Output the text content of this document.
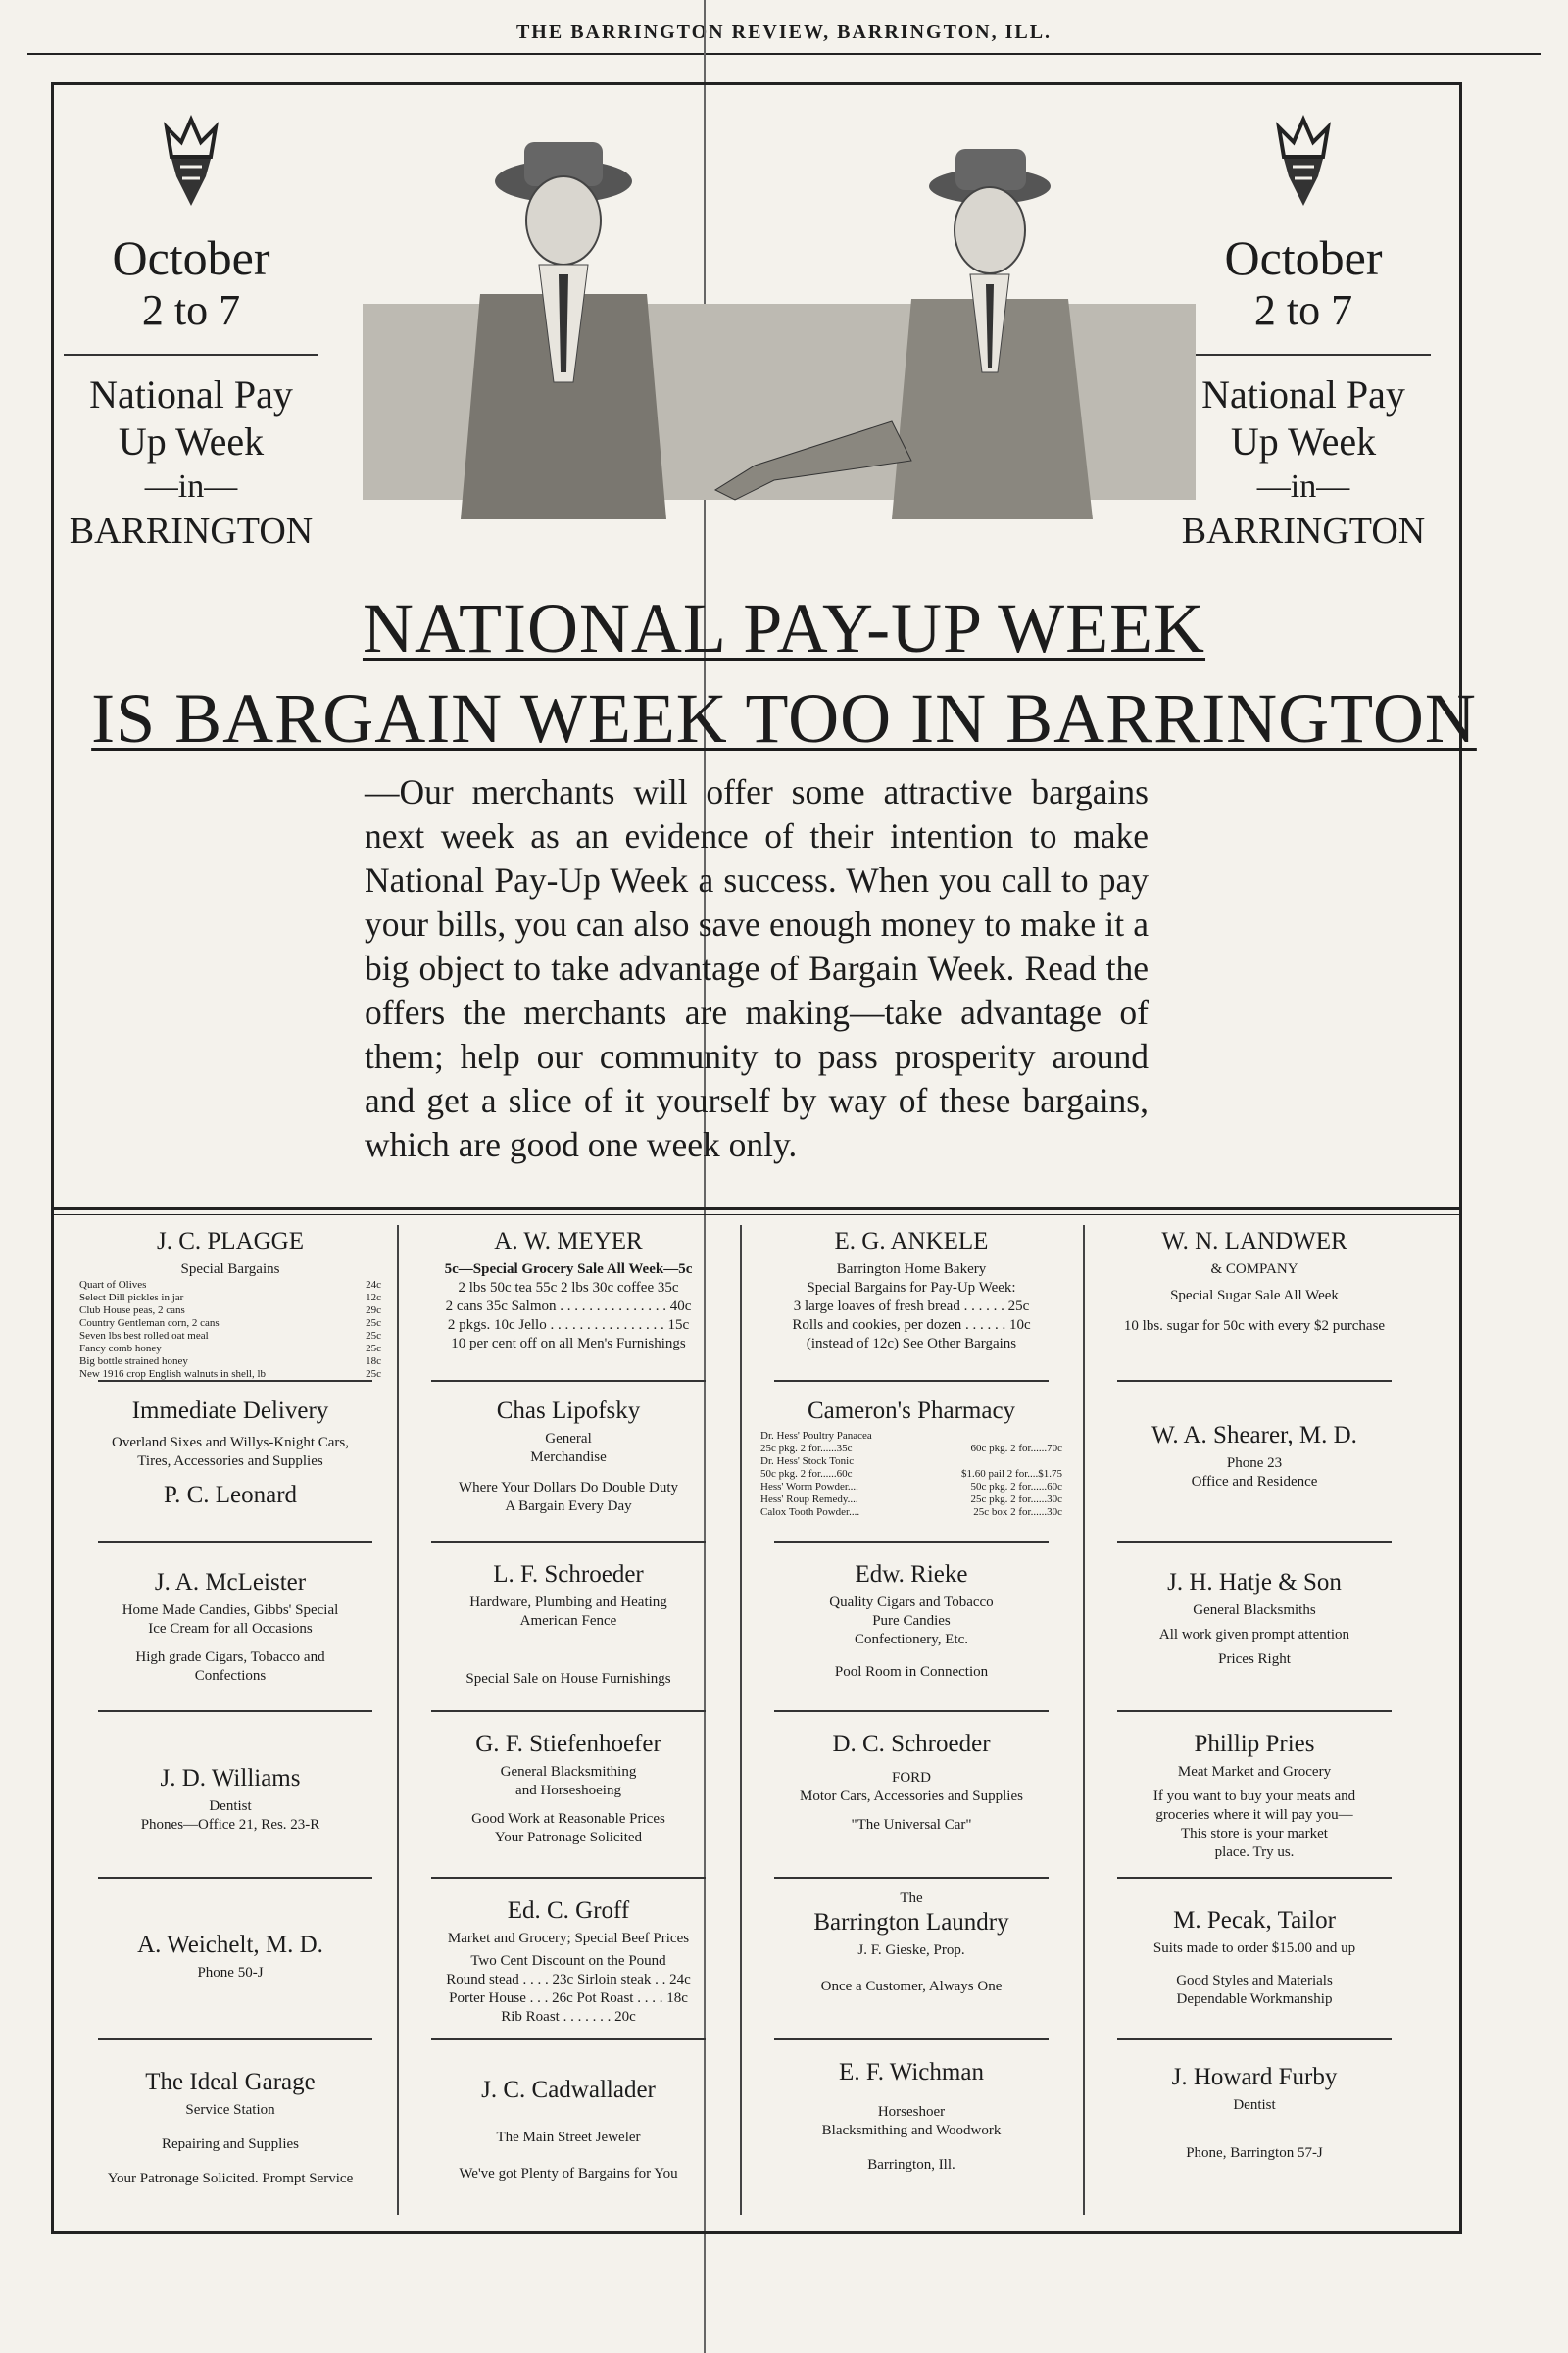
THE BARRINGTON REVIEW, BARRINGTON, ILL.
October
2 to 7
National Pay
Up Week
—in—
BARRINGTON
October
2 to 7
National Pay
Up Week
—in—
BARRINGTON
NATIONAL PAY-UP WEEK
IS BARGAIN WEEK TOO IN BARRINGTON
—Our merchants will offer some attractive bargains next week as an evidence of their intention to make National Pay-Up Week a success. When you call to pay your bills, you can also save enough money to make it a big object to take advantage of Bargain Week. Read the offers the merchants are making—take advantage of them; help our community to pass prosperity around and get a slice of it yourself by way of these bargains, which are good one week only.
J. C. PLAGGE
Special Bargains
Quart of Olives	24c
Select Dill pickles in jar	12c
Club House peas, 2 cans	29c
Country Gentleman corn, 2 cans	25c
Seven lbs best rolled oat meal	25c
Fancy comb honey	25c
Big bottle strained honey	18c
New 1916 crop English walnuts in shell, lb	25c
A. W. MEYER
5c—Special Grocery Sale All Week—5c
2 lbs 50c tea 55c 2 lbs 30c coffee 35c
2 cans 35c Salmon . . . . . . . . . . . . . . . 40c
2 pkgs. 10c Jello . . . . . . . . . . . . . . . . 15c
10 per cent off on all Men's Furnishings
E. G. ANKELE
Barrington Home Bakery
Special Bargains for Pay-Up Week:
3 large loaves of fresh bread . . . . . . 25c
Rolls and cookies, per dozen . . . . . . 10c
(instead of 12c) See Other Bargains
W. N. LANDWER
& COMPANY
Special Sugar Sale All Week
10 lbs. sugar for 50c with every $2 purchase
Immediate Delivery
Overland Sixes and Willys-Knight Cars,
Tires, Accessories and Supplies
P. C. Leonard
Chas Lipofsky
General
Merchandise
Where Your Dollars Do Double Duty
A Bargain Every Day
Cameron's Pharmacy
Dr. Hess' Poultry Panacea
25c pkg. 2 for......35c	60c pkg. 2 for......70c
Dr. Hess' Stock Tonic
50c pkg. 2 for......60c	$1.60 pail 2 for....$1.75
Hess' Worm Powder....	50c pkg. 2 for......60c
Hess' Roup Remedy....	25c pkg. 2 for......30c
Calox Tooth Powder....	25c box 2 for......30c
W. A. Shearer, M. D.
Phone 23
Office and Residence
J. A. McLeister
Home Made Candies, Gibbs' Special
Ice Cream for all Occasions
High grade Cigars, Tobacco and
Confections
L. F. Schroeder
Hardware, Plumbing and Heating
American Fence
Special Sale on House Furnishings
Edw. Rieke
Quality Cigars and Tobacco
Pure Candies
Confectionery, Etc.
Pool Room in Connection
J. H. Hatje & Son
General Blacksmiths
All work given prompt attention
Prices Right
J. D. Williams
Dentist
Phones—Office 21, Res. 23-R
G. F. Stiefenhoefer
General Blacksmithing
and Horseshoeing
Good Work at Reasonable Prices
Your Patronage Solicited
D. C. Schroeder
FORD
Motor Cars, Accessories and Supplies
"The Universal Car"
Phillip Pries
Meat Market and Grocery
If you want to buy your meats and
groceries where it will pay you—
This store is your market
place. Try us.
A. Weichelt, M. D.
Phone 50-J
Ed. C. Groff
Market and Grocery; Special Beef Prices
Two Cent Discount on the Pound
Round stead . . . . 23c Sirloin steak . . 24c
Porter House . . . 26c Pot Roast . . . . 18c
Rib Roast . . . . . . . 20c
The
Barrington Laundry
J. F. Gieske, Prop.
Once a Customer, Always One
M. Pecak, Tailor
Suits made to order $15.00 and up
Good Styles and Materials
Dependable Workmanship
The Ideal Garage
Service Station
Repairing and Supplies
Your Patronage Solicited. Prompt Service
J. C. Cadwallader
The Main Street Jeweler
We've got Plenty of Bargains for You
E. F. Wichman
Horseshoer
Blacksmithing and Woodwork
Barrington, Ill.
J. Howard Furby
Dentist
Phone, Barrington 57-J
